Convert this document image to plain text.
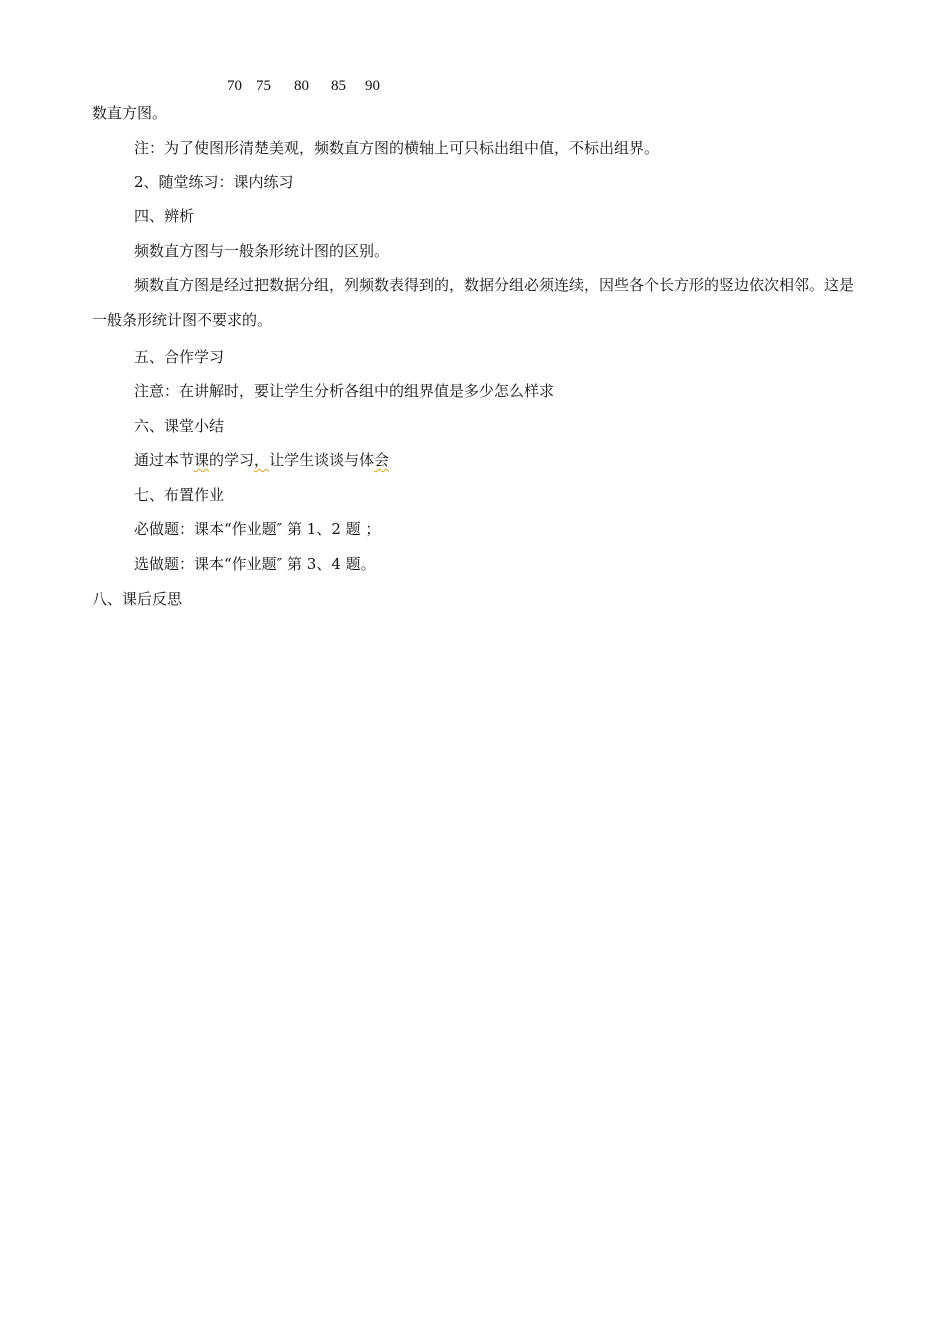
70 75 80 85 90
数直方图。
注：为了使图形清楚美观，频数直方图的横轴上可只标出组中值，不标出组界。
2、随堂练习：课内练习
四、辨析
频数直方图与一般条形统计图的区别。
频数直方图是经过把数据分组，列频数表得到的，数据分组必须连续，因些各个长方形的竖边依次相邻。这是一般条形统计图不要求的。
五、合作学习
注意：在讲解时，要让学生分析各组中的组界值是多少怎么样求
六、课堂小结
通过本节课的学习，让学生谈谈与体会
七、布置作业
必做题：课本“作业题″ 第 1、2 题 ；
选做题：课本“作业题″ 第 3、4 题。
八、课后反思
